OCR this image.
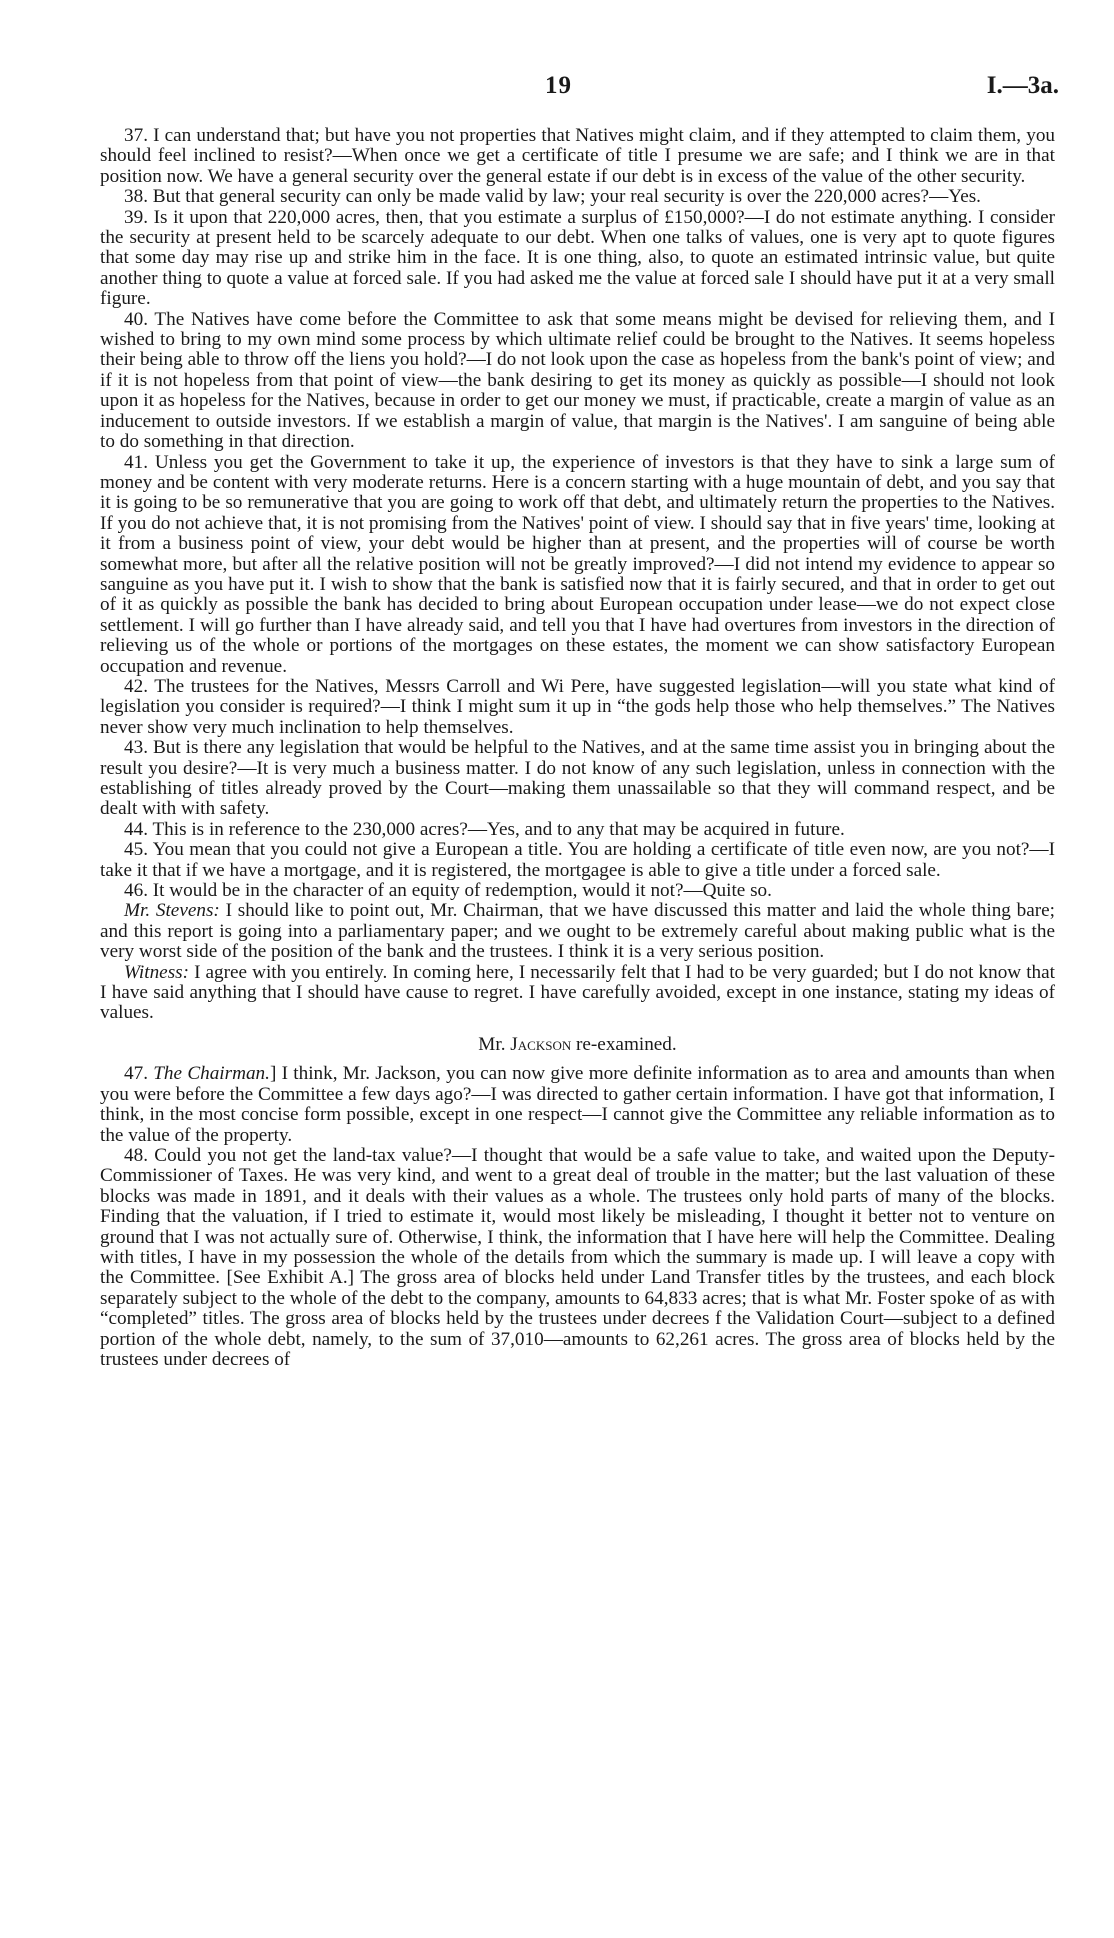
19	I.—3a.

37. I can understand that; but have you not properties that Natives might claim, and if they attempted to claim them, you should feel inclined to resist?—When once we get a certificate of title I presume we are safe; and I think we are in that position now. We have a general security over the general estate if our debt is in excess of the value of the other security.

38. But that general security can only be made valid by law; your real security is over the 220,000 acres?—Yes.

39. Is it upon that 220,000 acres, then, that you estimate a surplus of £150,000?—I do not estimate anything. I consider the security at present held to be scarcely adequate to our debt. When one talks of values, one is very apt to quote figures that some day may rise up and strike him in the face. It is one thing, also, to quote an estimated intrinsic value, but quite another thing to quote a value at forced sale. If you had asked me the value at forced sale I should have put it at a very small figure.

40. The Natives have come before the Committee to ask that some means might be devised for relieving them, and I wished to bring to my own mind some process by which ultimate relief could be brought to the Natives. It seems hopeless their being able to throw off the liens you hold?—I do not look upon the case as hopeless from the bank's point of view; and if it is not hopeless from that point of view—the bank desiring to get its money as quickly as possible—I should not look upon it as hopeless for the Natives, because in order to get our money we must, if practicable, create a margin of value as an inducement to outside investors. If we establish a margin of value, that margin is the Natives'. I am sanguine of being able to do something in that direction.

41. Unless you get the Government to take it up, the experience of investors is that they have to sink a large sum of money and be content with very moderate returns. Here is a concern starting with a huge mountain of debt, and you say that it is going to be so remunerative that you are going to work off that debt, and ultimately return the properties to the Natives. If you do not achieve that, it is not promising from the Natives' point of view. I should say that in five years' time, looking at it from a business point of view, your debt would be higher than at present, and the properties will of course be worth somewhat more, but after all the relative position will not be greatly improved?—I did not intend my evidence to appear so sanguine as you have put it. I wish to show that the bank is satisfied now that it is fairly secured, and that in order to get out of it as quickly as possible the bank has decided to bring about European occupation under lease—we do not expect close settlement. I will go further than I have already said, and tell you that I have had overtures from investors in the direction of relieving us of the whole or portions of the mortgages on these estates, the moment we can show satisfactory European occupation and revenue.

42. The trustees for the Natives, Messrs Carroll and Wi Pere, have suggested legislation—will you state what kind of legislation you consider is required?—I think I might sum it up in “the gods help those who help themselves.” The Natives never show very much inclination to help themselves.

43. But is there any legislation that would be helpful to the Natives, and at the same time assist you in bringing about the result you desire?—It is very much a business matter. I do not know of any such legislation, unless in connection with the establishing of titles already proved by the Court—making them unassailable so that they will command respect, and be dealt with with safety.

44. This is in reference to the 230,000 acres?—Yes, and to any that may be acquired in future.

45. You mean that you could not give a European a title. You are holding a certificate of title even now, are you not?—I take it that if we have a mortgage, and it is registered, the mortgagee is able to give a title under a forced sale.

46. It would be in the character of an equity of redemption, would it not?—Quite so.

Mr. Stevens: I should like to point out, Mr. Chairman, that we have discussed this matter and laid the whole thing bare; and this report is going into a parliamentary paper; and we ought to be extremely careful about making public what is the very worst side of the position of the bank and the trustees. I think it is a very serious position.

Witness: I agree with you entirely. In coming here, I necessarily felt that I had to be very guarded; but I do not know that I have said anything that I should have cause to regret. I have carefully avoided, except in one instance, stating my ideas of values.

Mr. Jackson re-examined.

47. The Chairman.] I think, Mr. Jackson, you can now give more definite information as to area and amounts than when you were before the Committee a few days ago?—I was directed to gather certain information. I have got that information, I think, in the most concise form possible, except in one respect—I cannot give the Committee any reliable information as to the value of the property.

48. Could you not get the land-tax value?—I thought that would be a safe value to take, and waited upon the Deputy-Commissioner of Taxes. He was very kind, and went to a great deal of trouble in the matter; but the last valuation of these blocks was made in 1891, and it deals with their values as a whole. The trustees only hold parts of many of the blocks. Finding that the valuation, if I tried to estimate it, would most likely be misleading, I thought it better not to venture on ground that I was not actually sure of. Otherwise, I think, the information that I have here will help the Committee. Dealing with titles, I have in my possession the whole of the details from which the summary is made up. I will leave a copy with the Committee. [See Exhibit A.] The gross area of blocks held under Land Transfer titles by the trustees, and each block separately subject to the whole of the debt to the company, amounts to 64,833 acres; that is what Mr. Foster spoke of as with “completed” titles. The gross area of blocks held by the trustees under decrees f the Validation Court—subject to a defined portion of the whole debt, namely, to the sum of 37,010—amounts to 62,261 acres. The gross area of blocks held by the trustees under decrees of
